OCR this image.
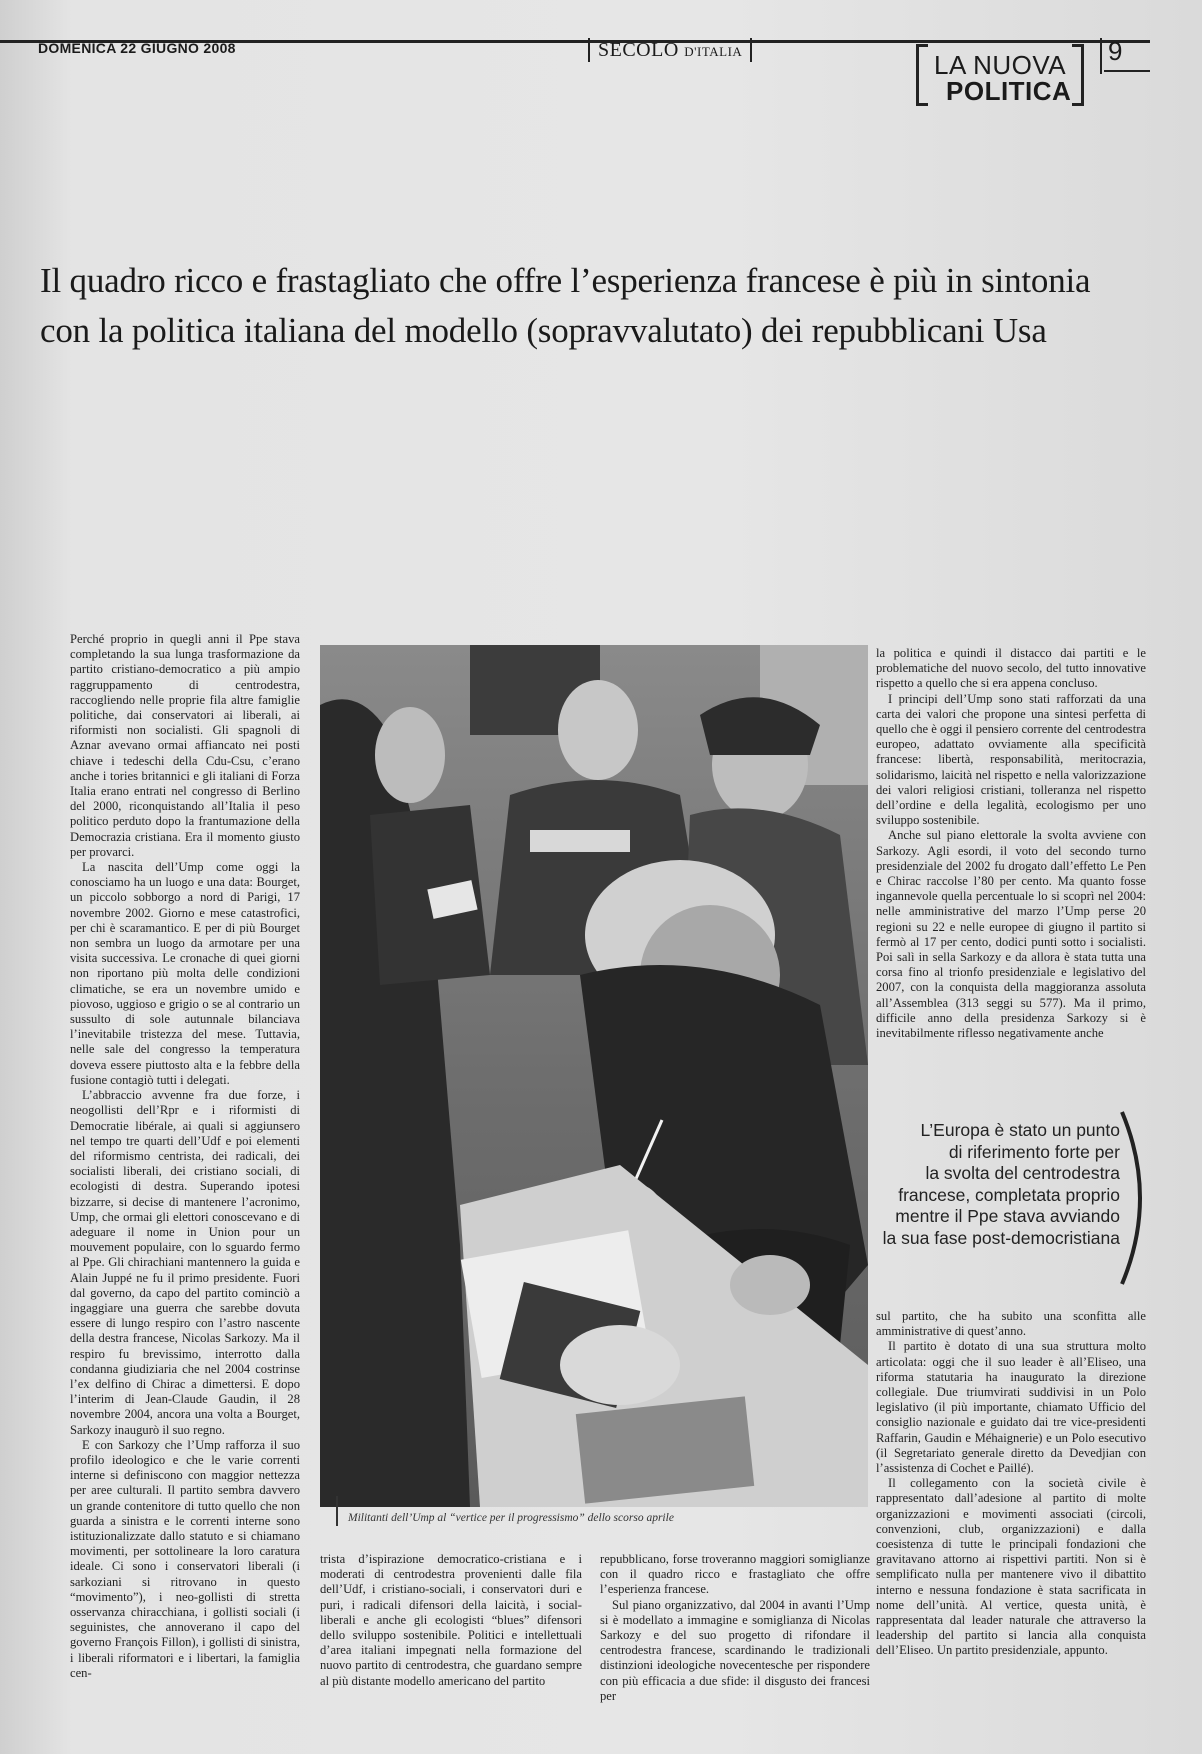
DOMENICA 22 GIUGNO 2008	SECOLO D'ITALIA	LA NUOVA
POLITICA
9
Il quadro ricco e frastagliato che offre l’esperienza francese è più in sintonia
con la politica italiana del modello (sopravvalutato) dei repubblicani Usa

Perché proprio in quegli anni il Ppe stava completando la sua lunga trasformazione da partito cristiano-democratico a più ampio raggruppamento di centrodestra, raccogliendo nelle proprie fila altre famiglie politiche, dai conservatori ai liberali, ai riformisti non socialisti. Gli spagnoli di Aznar avevano ormai affiancato nei posti chiave i tedeschi della Cdu-Csu, c’erano anche i tories britannici e gli italiani di Forza Italia erano entrati nel congresso di Berlino del 2000, riconquistando all’Italia il peso politico perduto dopo la frantumazione della Democrazia cristiana. Era il momento giusto per provarci.

La nascita dell’Ump come oggi la conosciamo ha un luogo e una data: Bourget, un piccolo sobborgo a nord di Parigi, 17 novembre 2002. Giorno e mese catastrofici, per chi è scaramantico. E per di più Bourget non sembra un luogo da armotare per una visita successiva. Le cronache di quei giorni non riportano più molta delle condizioni climatiche, se era un novembre umido e piovoso, uggioso e grigio o se al contrario un sussulto di sole autunnale bilanciava l’inevitabile tristezza del mese. Tuttavia, nelle sale del congresso la temperatura doveva essere piuttosto alta e la febbre della fusione contagiò tutti i delegati.

L’abbraccio avvenne fra due forze, i neogollisti dell’Rpr e i riformisti di Democratie libérale, ai quali si aggiunsero nel tempo tre quarti dell’Udf e poi elementi del riformismo centrista, dei radicali, dei socialisti liberali, dei cristiano sociali, di ecologisti di destra. Superando ipotesi bizzarre, si decise di mantenere l’acronimo, Ump, che ormai gli elettori conoscevano e di adeguare il nome in Union pour un mouvement populaire, con lo sguardo fermo al Ppe. Gli chirachiani mantennero la guida e Alain Juppé ne fu il primo presidente. Fuori dal governo, da capo del partito cominciò a ingaggiare una guerra che sarebbe dovuta essere di lungo respiro con l’astro nascente della destra francese, Nicolas Sarkozy. Ma il respiro fu brevissimo, interrotto dalla condanna giudiziaria che nel 2004 costrinse l’ex delfino di Chirac a dimettersi. E dopo l’interim di Jean-Claude Gaudin, il 28 novembre 2004, ancora una volta a Bourget, Sarkozy inaugurò il suo regno.

E con Sarkozy che l’Ump rafforza il suo profilo ideologico e che le varie correnti interne si definiscono con maggior nettezza per aree culturali. Il partito sembra davvero un grande contenitore di tutto quello che non guarda a sinistra e le correnti interne sono istituzionalizzate dallo statuto e si chiamano movimenti, per sottolineare la loro caratura ideale. Ci sono i conservatori liberali (i sarkoziani si ritrovano in questo “movimento”), i neo-gollisti di stretta osservanza chiracchiana, i gollisti sociali (i seguinistes, che annoverano il capo del governo François Fillon), i gollisti di sinistra, i liberali riformatori e i libertari, la famiglia cen-

Militanti dell’Ump al “vertice per il progressismo” dello scorso aprile

trista d’ispirazione democratico-cristiana e i moderati di centrodestra provenienti dalle fila dell’Udf, i cristiano-sociali, i conservatori duri e puri, i radicali difensori della laicità, i social-liberali e anche gli ecologisti “blues” difensori dello sviluppo sostenibile. Politici e intellettuali d’area italiani impegnati nella formazione del nuovo partito di centrodestra, che guardano sempre al più distante modello americano del partito

repubblicano, forse troveranno maggiori somiglianze con il quadro ricco e frastagliato che offre l’esperienza francese.

Sul piano organizzativo, dal 2004 in avanti l’Ump si è modellato a immagine e somiglianza di Nicolas Sarkozy e del suo progetto di rifondare il centrodestra francese, scardinando le tradizionali distinzioni ideologiche novecentesche per rispondere con più efficacia a due sfide: il disgusto dei francesi per

la politica e quindi il distacco dai partiti e le problematiche del nuovo secolo, del tutto innovative rispetto a quello che si era appena concluso.

I principi dell’Ump sono stati rafforzati da una carta dei valori che propone una sintesi perfetta di quello che è oggi il pensiero corrente del centrodestra europeo, adattato ovviamente alla specificità francese: libertà, responsabilità, meritocrazia, solidarismo, laicità nel rispetto e nella valorizzazione dei valori religiosi cristiani, tolleranza nel rispetto dell’ordine e della legalità, ecologismo per uno sviluppo sostenibile.

Anche sul piano elettorale la svolta avviene con Sarkozy. Agli esordi, il voto del secondo turno presidenziale del 2002 fu drogato dall’effetto Le Pen e Chirac raccolse l’80 per cento. Ma quanto fosse ingannevole quella percentuale lo si scoprì nel 2004: nelle amministrative del marzo l’Ump perse 20 regioni su 22 e nelle europee di giugno il partito si fermò al 17 per cento, dodici punti sotto i socialisti. Poi salì in sella Sarkozy e da allora è stata tutta una corsa fino al trionfo presidenziale e legislativo del 2007, con la conquista della maggioranza assoluta all’Assemblea (313 seggi su 577). Ma il primo, difficile anno della presidenza Sarkozy si è inevitabilmente riflesso negativamente anche

L’Europa è stato un punto
di riferimento forte per
la svolta del centrodestra
francese, completata proprio
mentre il Ppe stava avviando
la sua fase post-democristiana

sul partito, che ha subito una sconfitta alle amministrative di quest’anno.

Il partito è dotato di una sua struttura molto articolata: oggi che il suo leader è all’Eliseo, una riforma statutaria ha inaugurato la direzione collegiale. Due triumvirati suddivisi in un Polo legislativo (il più importante, chiamato Ufficio del consiglio nazionale e guidato dai tre vice-presidenti Raffarin, Gaudin e Méhaignerie) e un Polo esecutivo (il Segretariato generale diretto da Devedjian con l’assistenza di Cochet e Paillé).

Il collegamento con la società civile è rappresentato dall’adesione al partito di molte organizzazioni e movimenti associati (circoli, convenzioni, club, organizzazioni) e dalla coesistenza di tutte le principali fondazioni che gravitavano attorno ai rispettivi partiti. Non si è semplificato nulla per mantenere vivo il dibattito interno e nessuna fondazione è stata sacrificata in nome dell’unità. Al vertice, questa unità, è rappresentata dal leader naturale che attraverso la leadership del partito si lancia alla conquista dell’Eliseo. Un partito presidenziale, appunto.
